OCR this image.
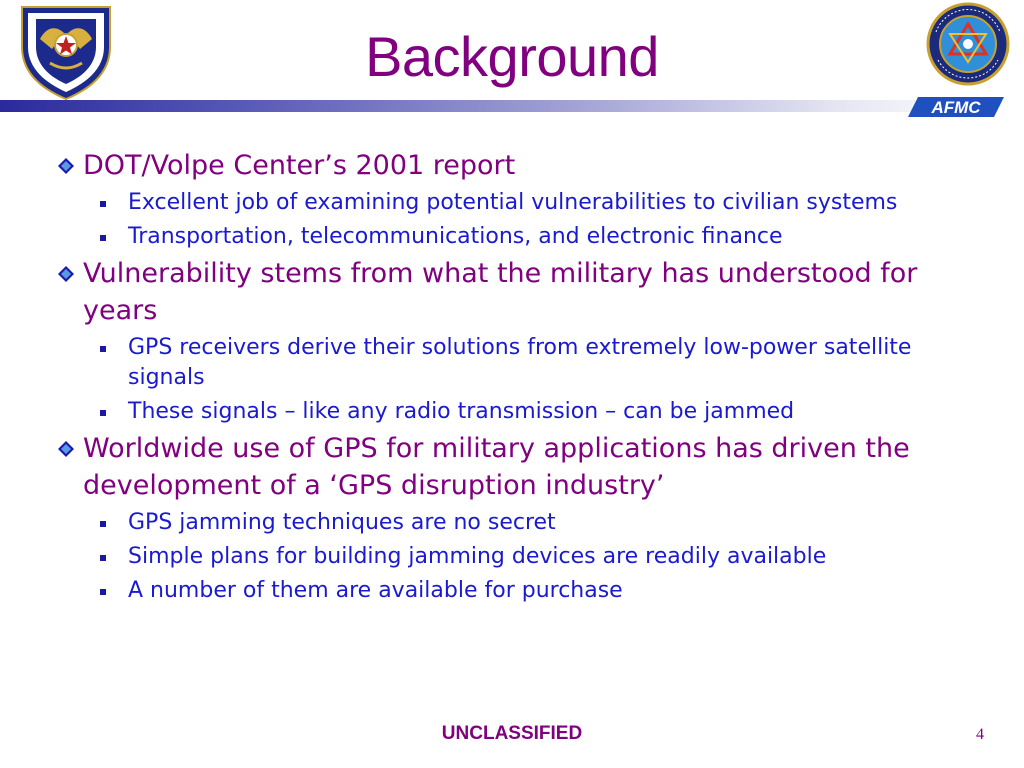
Background
AFMC
DOT/Volpe Center’s 2001 report
Excellent job of examining potential vulnerabilities to civilian systems
Transportation, telecommunications, and electronic finance
Vulnerability stems from what the military has understood for years
GPS receivers derive their solutions from extremely low-power satellite signals
These signals – like any radio transmission – can be jammed
Worldwide use of GPS for military applications has driven the development of a ‘GPS disruption industry’
GPS jamming techniques are no secret
Simple plans for building jamming devices are readily available
A number of them are available for purchase
UNCLASSIFIED	4
